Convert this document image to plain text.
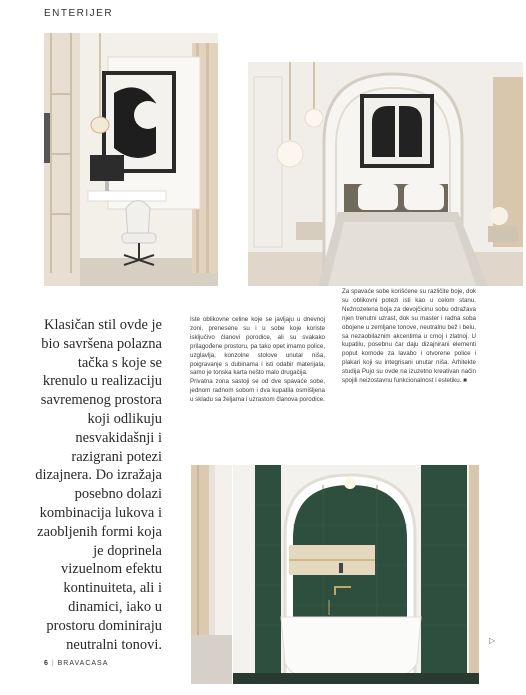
ENTERIJER
Klasičan stil ovde je bio savršena polazna tačka s koje se krenulo u realizaciju savremenog prostora koji odlikuju nesvakidašnji i razigrani potezi dizajnera. Do izražaja posebno dolazi kombinacija lukova i zaobljenih formi koja je doprinela vizuelnom efektu kontinuiteta, ali i dinamici, iako u prostoru dominiraju neutralni tonovi.

Iste oblikovne celine koje se javljaju u dnevnoj zoni, prenesene su i u sobe koje koriste isključivo članovi porodice, ali su svakako prilagođene prostoru, pa tako opet imamo police, uzglavlja, konzolne stolove unutar niša, poigravanje s dubinama i isti odabir materijala, samo je tonska karta nešto malo drugačija.

Privatna zona sastoji se od dve spavaće sobe, jednom radnom sobom i dva kupatila osmišljena u skladu sa željama i uzrastom članova porodice.

Za spavaće sobe korišćene su različite boje, dok su oblikovni potezi isti kao u celom stanu. Nežnozelena boja za devojčicinu sobu odražava njen trenutni uzrast, dok su master i radna soba obojene u zemljane tonove, neutralnu bež i belu, sa nezaobilaznim akcentima u crnoj i zlatnoj. U kupatilu, posebnu čar daju dizajnirani elementi poput komode za lavabo i otvorene police i plakari koji su integrisani unutar niša. Arhitekte studija Pujo su ovde na izuzetno kreativan način spojili neizostavnu funkcionalnost i estetiku. ■

6 | BRAVACASA
▷
